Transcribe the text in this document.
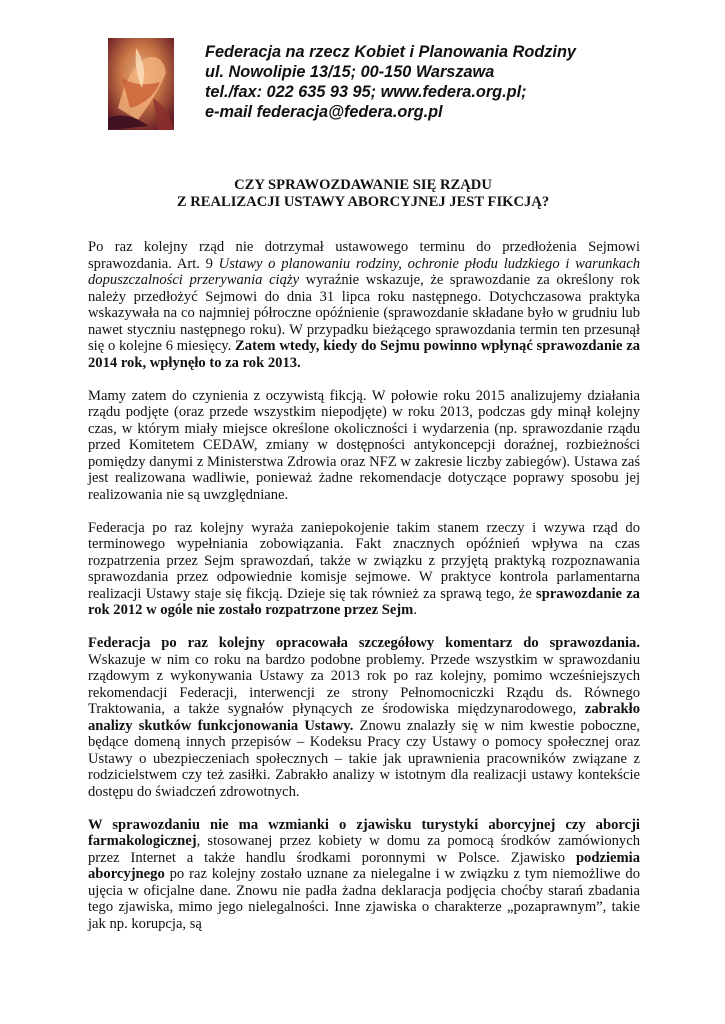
Federacja na rzecz Kobiet i Planowania Rodziny
ul. Nowolipie 13/15; 00-150 Warszawa
tel./fax: 022 635 93 95; www.federa.org.pl;
e-mail federacja@federa.org.pl
CZY SPRAWOZDAWANIE SIĘ RZĄDU
Z REALIZACJI USTAWY ABORCYJNEJ JEST FIKCJĄ?

Po raz kolejny rząd nie dotrzymał ustawowego terminu do przedłożenia Sejmowi sprawozdania. Art. 9 Ustawy o planowaniu rodziny, ochronie płodu ludzkiego i warunkach dopuszczalności przerywania ciąży wyraźnie wskazuje, że sprawozdanie za określony rok należy przedłożyć Sejmowi do dnia 31 lipca roku następnego. Dotychczasowa praktyka wskazywała na co najmniej półroczne opóźnienie (sprawozdanie składane było w grudniu lub nawet styczniu następnego roku). W przypadku bieżącego sprawozdania termin ten przesunął się o kolejne 6 miesięcy. Zatem wtedy, kiedy do Sejmu powinno wpłynąć sprawozdanie za 2014 rok, wpłynęło to za rok 2013.

Mamy zatem do czynienia z oczywistą fikcją. W połowie roku 2015 analizujemy działania rządu podjęte (oraz przede wszystkim niepodjęte) w roku 2013, podczas gdy minął kolejny czas, w którym miały miejsce określone okoliczności i wydarzenia (np. sprawozdanie rządu przed Komitetem CEDAW, zmiany w dostępności antykoncepcji doraźnej, rozbieżności pomiędzy danymi z Ministerstwa Zdrowia oraz NFZ w zakresie liczby zabiegów). Ustawa zaś jest realizowana wadliwie, ponieważ żadne rekomendacje dotyczące poprawy sposobu jej realizowania nie są uwzględniane.

Federacja po raz kolejny wyraża zaniepokojenie takim stanem rzeczy i wzywa rząd do terminowego wypełniania zobowiązania. Fakt znacznych opóźnień wpływa na czas rozpatrzenia przez Sejm sprawozdań, także w związku z przyjętą praktyką rozpoznawania sprawozdania przez odpowiednie komisje sejmowe. W praktyce kontrola parlamentarna realizacji Ustawy staje się fikcją. Dzieje się tak również za sprawą tego, że sprawozdanie za rok 2012 w ogóle nie zostało rozpatrzone przez Sejm.

Federacja po raz kolejny opracowała szczegółowy komentarz do sprawozdania. Wskazuje w nim co roku na bardzo podobne problemy. Przede wszystkim w sprawozdaniu rządowym z wykonywania Ustawy za 2013 rok po raz kolejny, pomimo wcześniejszych rekomendacji Federacji, interwencji ze strony Pełnomocniczki Rządu ds. Równego Traktowania, a także sygnałów płynących ze środowiska międzynarodowego, zabrakło analizy skutków funkcjonowania Ustawy. Znowu znalazły się w nim kwestie poboczne, będące domeną innych przepisów – Kodeksu Pracy czy Ustawy o pomocy społecznej oraz Ustawy o ubezpieczeniach społecznych – takie jak uprawnienia pracowników związane z rodzicielstwem czy też zasiłki. Zabrakło analizy w istotnym dla realizacji ustawy kontekście dostępu do świadczeń zdrowotnych.

W sprawozdaniu nie ma wzmianki o zjawisku turystyki aborcyjnej czy aborcji farmakologicznej, stosowanej przez kobiety w domu za pomocą środków zamówionych przez Internet a także handlu środkami poronnymi w Polsce. Zjawisko podziemia aborcyjnego po raz kolejny zostało uznane za nielegalne i w związku z tym niemożliwe do ujęcia w oficjalne dane. Znowu nie padła żadna deklaracja podjęcia choćby starań zbadania tego zjawiska, mimo jego nielegalności. Inne zjawiska o charakterze „pozaprawnym”, takie jak np. korupcja, są
